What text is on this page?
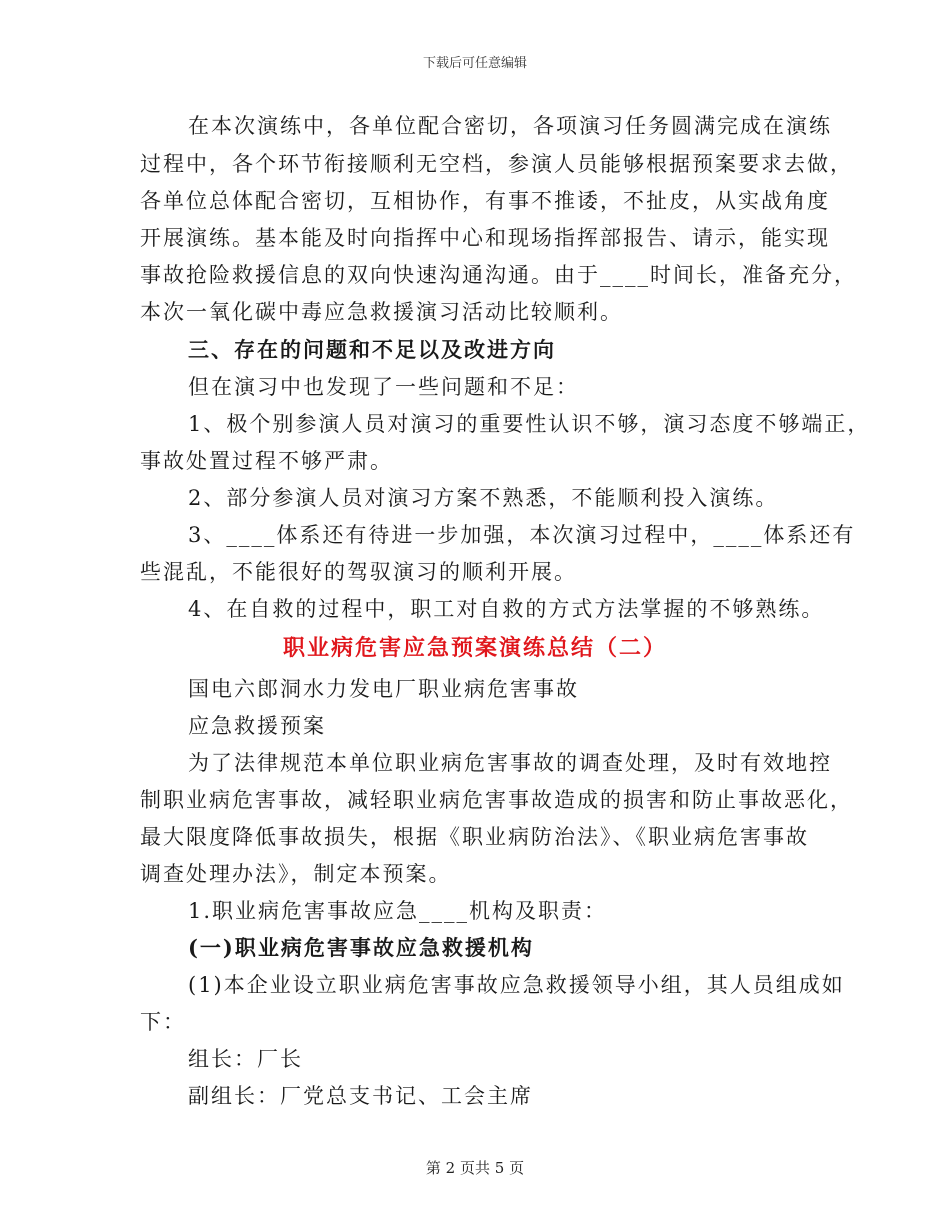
下载后可任意编辑
在本次演练中，各单位配合密切，各项演习任务圆满完成在演练
过程中，各个环节衔接顺利无空档，参演人员能够根据预案要求去做，
各单位总体配合密切，互相协作，有事不推诿，不扯皮，从实战角度
开展演练。基本能及时向指挥中心和现场指挥部报告、请示，能实现
事故抢险救援信息的双向快速沟通沟通。由于____时间长，准备充分，
本次一氧化碳中毒应急救援演习活动比较顺利。
三、存在的问题和不足以及改进方向
但在演习中也发现了一些问题和不足：
1、极个别参演人员对演习的重要性认识不够，演习态度不够端正，
事故处置过程不够严肃。
2、部分参演人员对演习方案不熟悉，不能顺利投入演练。
3、____体系还有待进一步加强，本次演习过程中，____体系还有
些混乱，不能很好的驾驭演习的顺利开展。
4、在自救的过程中，职工对自救的方式方法掌握的不够熟练。
职业病危害应急预案演练总结（二）
国电六郎洞水力发电厂职业病危害事故
应急救援预案
为了法律规范本单位职业病危害事故的调查处理，及时有效地控
制职业病危害事故，减轻职业病危害事故造成的损害和防止事故恶化，
最大限度降低事故损失，根据《职业病防治法》、《职业病危害事故
调查处理办法》，制定本预案。
1.职业病危害事故应急____机构及职责：
(一)职业病危害事故应急救援机构
(1)本企业设立职业病危害事故应急救援领导小组，其人员组成如
下：
组长：厂长
副组长：厂党总支书记、工会主席
第 2 页共 5 页
